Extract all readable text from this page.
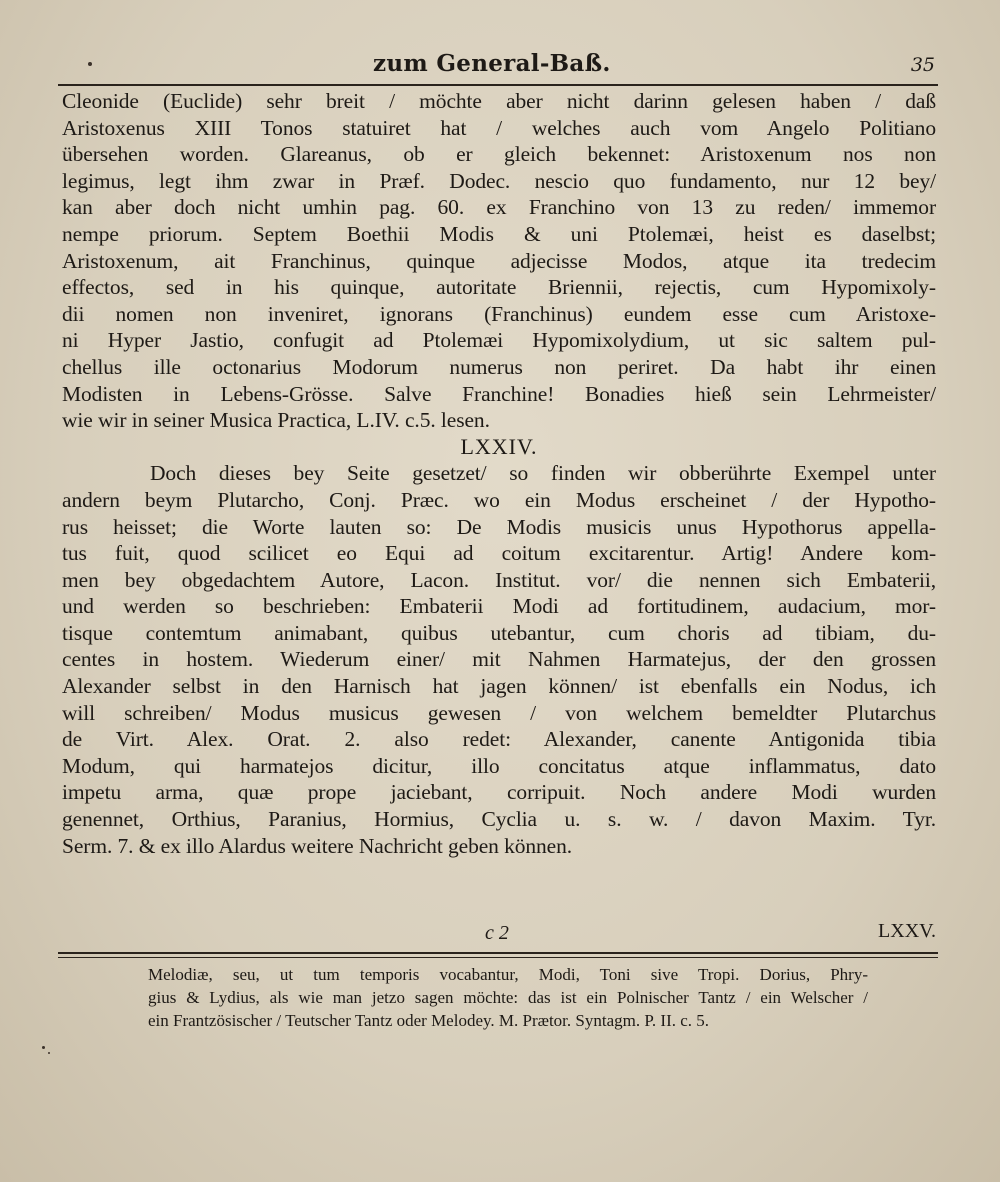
zum General-Baß.	35
Cleonide (Euclide) sehr breit / möchte aber nicht darinn gelesen haben / daß
Aristoxenus XIII Tonos statuiret hat / welches auch vom Angelo Politiano
übersehen worden. Glareanus, ob er gleich bekennet: Aristoxenum nos non
legimus, legt ihm zwar in Præf. Dodec. nescio quo fundamento, nur 12 bey/
kan aber doch nicht umhin pag. 60. ex Franchino von 13 zu reden/ immemor
nempe priorum. Septem Boethii Modis & uni Ptolemæi, heist es daselbst;
Aristoxenum, ait Franchinus, quinque adjecisse Modos, atque ita tredecim
effectos, sed in his quinque, autoritate Briennii, rejectis, cum Hypomixoly-
dii nomen non inveniret, ignorans (Franchinus) eundem esse cum Aristoxe-
ni Hyper Jastio, confugit ad Ptolemæi Hypomixolydium, ut sic saltem pul-
chellus ille octonarius Modorum numerus non periret. Da habt ihr einen
Modisten in Lebens-Grösse. Salve Franchine! Bonadies hieß sein Lehrmeister/
wie wir in seiner Musica Practica, L.IV. c.5. lesen.

LXXIV.

Doch dieses bey Seite gesetzet/ so finden wir obberührte Exempel unter
andern beym Plutarcho, Conj. Præc. wo ein Modus erscheinet / der Hypotho-
rus heisset; die Worte lauten so: De Modis musicis unus Hypothorus appella-
tus fuit, quod scilicet eo Equi ad coitum excitarentur. Artig! Andere kom-
men bey obgedachtem Autore, Lacon. Institut. vor/ die nennen sich Embaterii,
und werden so beschrieben: Embaterii Modi ad fortitudinem, audacium, mor-
tisque contemtum animabant, quibus utebantur, cum choris ad tibiam, du-
centes in hostem. Wiederum einer/ mit Nahmen Harmatejus, der den grossen
Alexander selbst in den Harnisch hat jagen können/ ist ebenfalls ein Nodus, ich
will schreiben/ Modus musicus gewesen / von welchem bemeldter Plutarchus
de Virt. Alex. Orat. 2. also redet: Alexander, canente Antigonida tibia
Modum, qui harmatejos dicitur, illo concitatus atque inflammatus, dato
impetu arma, quæ prope jaciebant, corripuit. Noch andere Modi wurden
genennet, Orthius, Paranius, Hormius, Cyclia u. s. w. / davon Maxim. Tyr.
Serm. 7. & ex illo Alardus weitere Nachricht geben können.
c 2	LXXV.
Melodiæ, seu, ut tum temporis vocabantur, Modi, Toni sive Tropi. Dorius, Phry-
gius & Lydius, als wie man jetzo sagen möchte: das ist ein Polnischer Tantz / ein Welscher /
ein Frantzösischer / Teutscher Tantz oder Melodey. M. Prætor. Syntagm. P. II. c. 5.
